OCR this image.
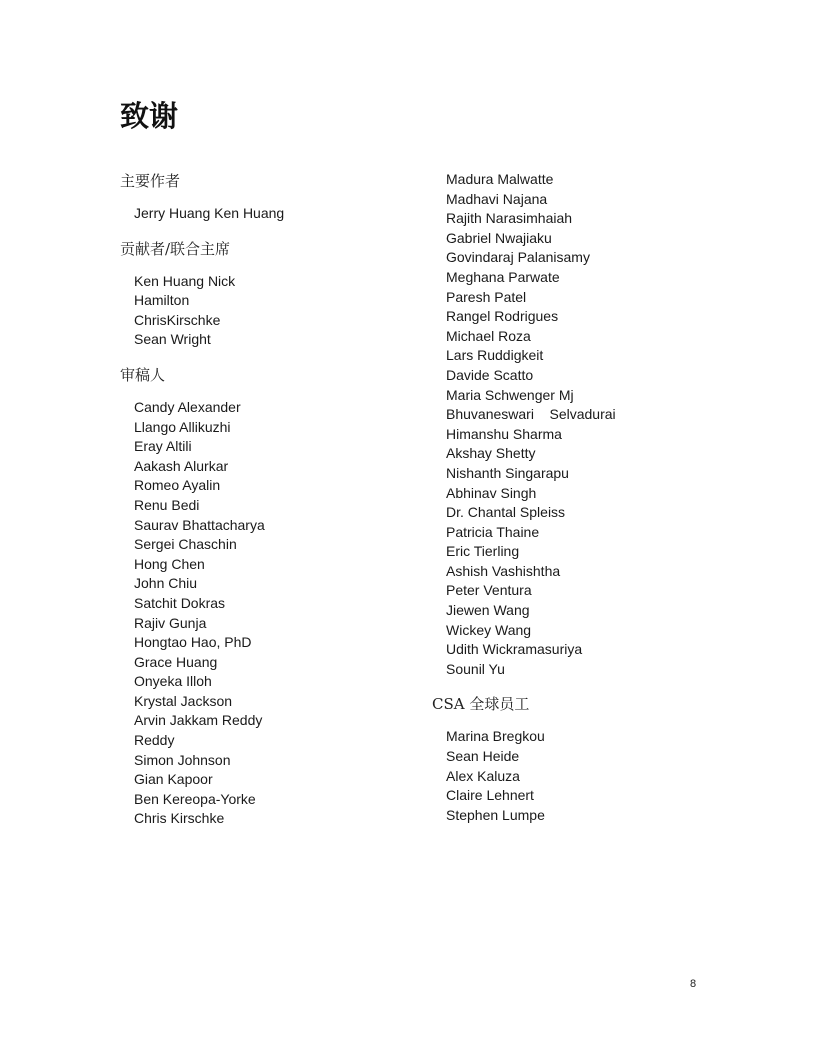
致谢
主要作者
Jerry Huang Ken Huang
贡献者/联合主席
Ken Huang Nick
Hamilton
ChrisKirschke
Sean Wright
审稿人
Candy Alexander
Llango Allikuzhi
Eray Altili
Aakash Alurkar
Romeo Ayalin
Renu Bedi
Saurav Bhattacharya
Sergei Chaschin
Hong Chen
John Chiu
Satchit Dokras
Rajiv Gunja
Hongtao Hao, PhD
Grace Huang
Onyeka Illoh
Krystal Jackson
Arvin Jakkam Reddy
Reddy
Simon Johnson
Gian Kapoor
Ben Kereopa-Yorke
Chris Kirschke
Madura Malwatte
Madhavi Najana
Rajith Narasimhaiah
Gabriel Nwajiaku
Govindaraj Palanisamy
Meghana Parwate
Paresh Patel
Rangel Rodrigues
Michael Roza
Lars Ruddigkeit
Davide Scatto
Maria Schwenger Mj
Bhuvaneswari    Selvadurai
Himanshu Sharma
Akshay Shetty
Nishanth Singarapu
Abhinav Singh
Dr. Chantal Spleiss
Patricia Thaine
Eric Tierling
Ashish Vashishtha
Peter Ventura
Jiewen Wang
Wickey Wang
Udith Wickramasuriya
Sounil Yu
CSA 全球员工
Marina Bregkou
Sean Heide
Alex Kaluza
Claire Lehnert
Stephen Lumpe
8
